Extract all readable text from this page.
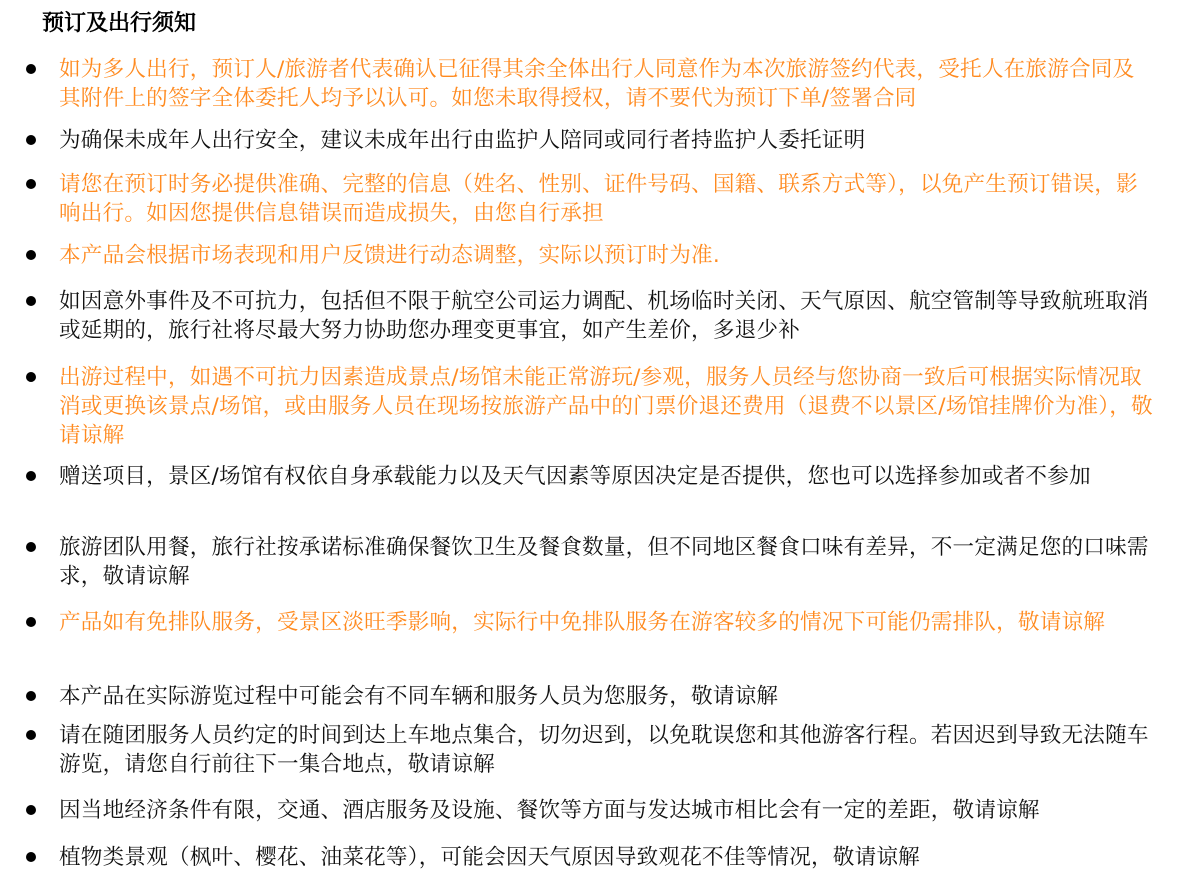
预订及出行须知
如为多人出行，预订人/旅游者代表确认已征得其余全体出行人同意作为本次旅游签约代表，受托人在旅游合同及其附件上的签字全体委托人均予以认可。如您未取得授权，请不要代为预订下单/签署合同
为确保未成年人出行安全，建议未成年出行由监护人陪同或同行者持监护人委托证明
请您在预订时务必提供准确、完整的信息（姓名、性别、证件号码、国籍、联系方式等），以免产生预订错误，影响出行。如因您提供信息错误而造成损失，由您自行承担
本产品会根据市场表现和用户反馈进行动态调整，实际以预订时为准.
如因意外事件及不可抗力，包括但不限于航空公司运力调配、机场临时关闭、天气原因、航空管制等导致航班取消或延期的，旅行社将尽最大努力协助您办理变更事宜，如产生差价，多退少补
出游过程中，如遇不可抗力因素造成景点/场馆未能正常游玩/参观，服务人员经与您协商一致后可根据实际情况取消或更换该景点/场馆，或由服务人员在现场按旅游产品中的门票价退还费用（退费不以景区/场馆挂牌价为准），敬请谅解
赠送项目，景区/场馆有权依自身承载能力以及天气因素等原因决定是否提供，您也可以选择参加或者不参加
旅游团队用餐，旅行社按承诺标准确保餐饮卫生及餐食数量，但不同地区餐食口味有差异，不一定满足您的口味需求，敬请谅解
产品如有免排队服务，受景区淡旺季影响，实际行中免排队服务在游客较多的情况下可能仍需排队，敬请谅解
本产品在实际游览过程中可能会有不同车辆和服务人员为您服务，敬请谅解
请在随团服务人员约定的时间到达上车地点集合，切勿迟到，以免耽误您和其他游客行程。若因迟到导致无法随车游览，请您自行前往下一集合地点，敬请谅解
因当地经济条件有限，交通、酒店服务及设施、餐饮等方面与发达城市相比会有一定的差距，敬请谅解
植物类景观（枫叶、樱花、油菜花等），可能会因天气原因导致观花不佳等情况，敬请谅解
